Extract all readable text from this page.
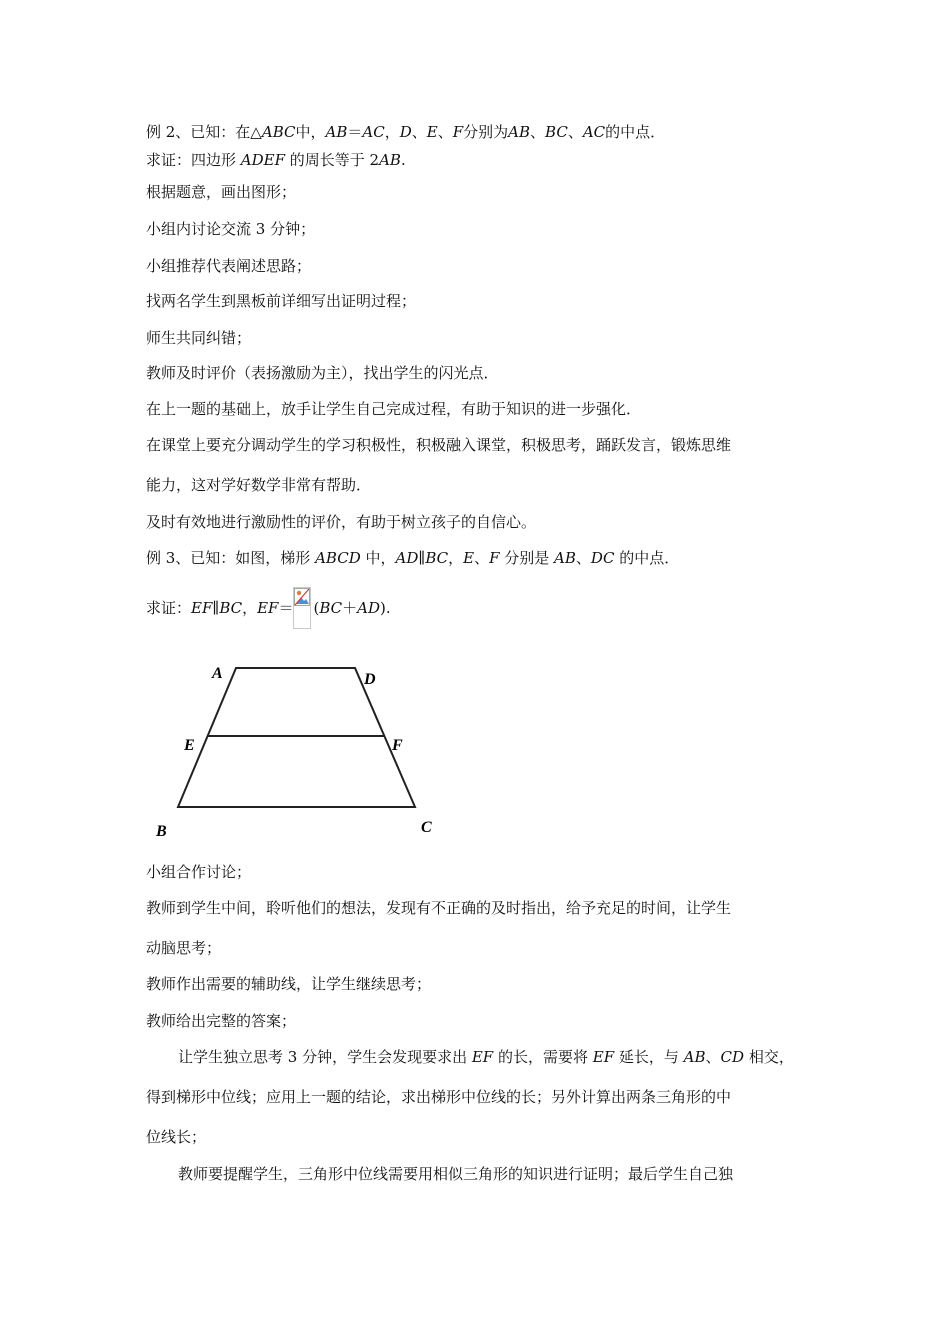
例 2、已知：在△ABC中，AB＝AC，D、E、F分别为AB、BC、AC的中点．
求证：四边形 ADEF 的周长等于 2AB.
根据题意，画出图形；
小组内讨论交流 3 分钟；
小组推荐代表阐述思路；
找两名学生到黑板前详细写出证明过程；
师生共同纠错；
教师及时评价（表扬激励为主），找出学生的闪光点．
在上一题的基础上，放手让学生自己完成过程，有助于知识的进一步强化．
在课堂上要充分调动学生的学习积极性，积极融入课堂，积极思考，踊跃发言，锻炼思维
能力，这对学好数学非常有帮助．
及时有效地进行激励性的评价，有助于树立孩子的自信心。
例 3、已知：如图，梯形 ABCD 中，AD∥BC，E、F 分别是 AB、DC 的中点．
求证：EF∥BC，EF＝ (BC＋AD).
A	D
E	F
B	C
小组合作讨论；
教师到学生中间，聆听他们的想法，发现有不正确的及时指出，给予充足的时间，让学生
动脑思考；
教师作出需要的辅助线，让学生继续思考；
教师给出完整的答案；
让学生独立思考 3 分钟，学生会发现要求出 EF 的长，需要将 EF 延长，与 AB、CD 相交，
得到梯形中位线；应用上一题的结论，求出梯形中位线的长；另外计算出两条三角形的中
位线长；
教师要提醒学生，三角形中位线需要用相似三角形的知识进行证明；最后学生自己独
